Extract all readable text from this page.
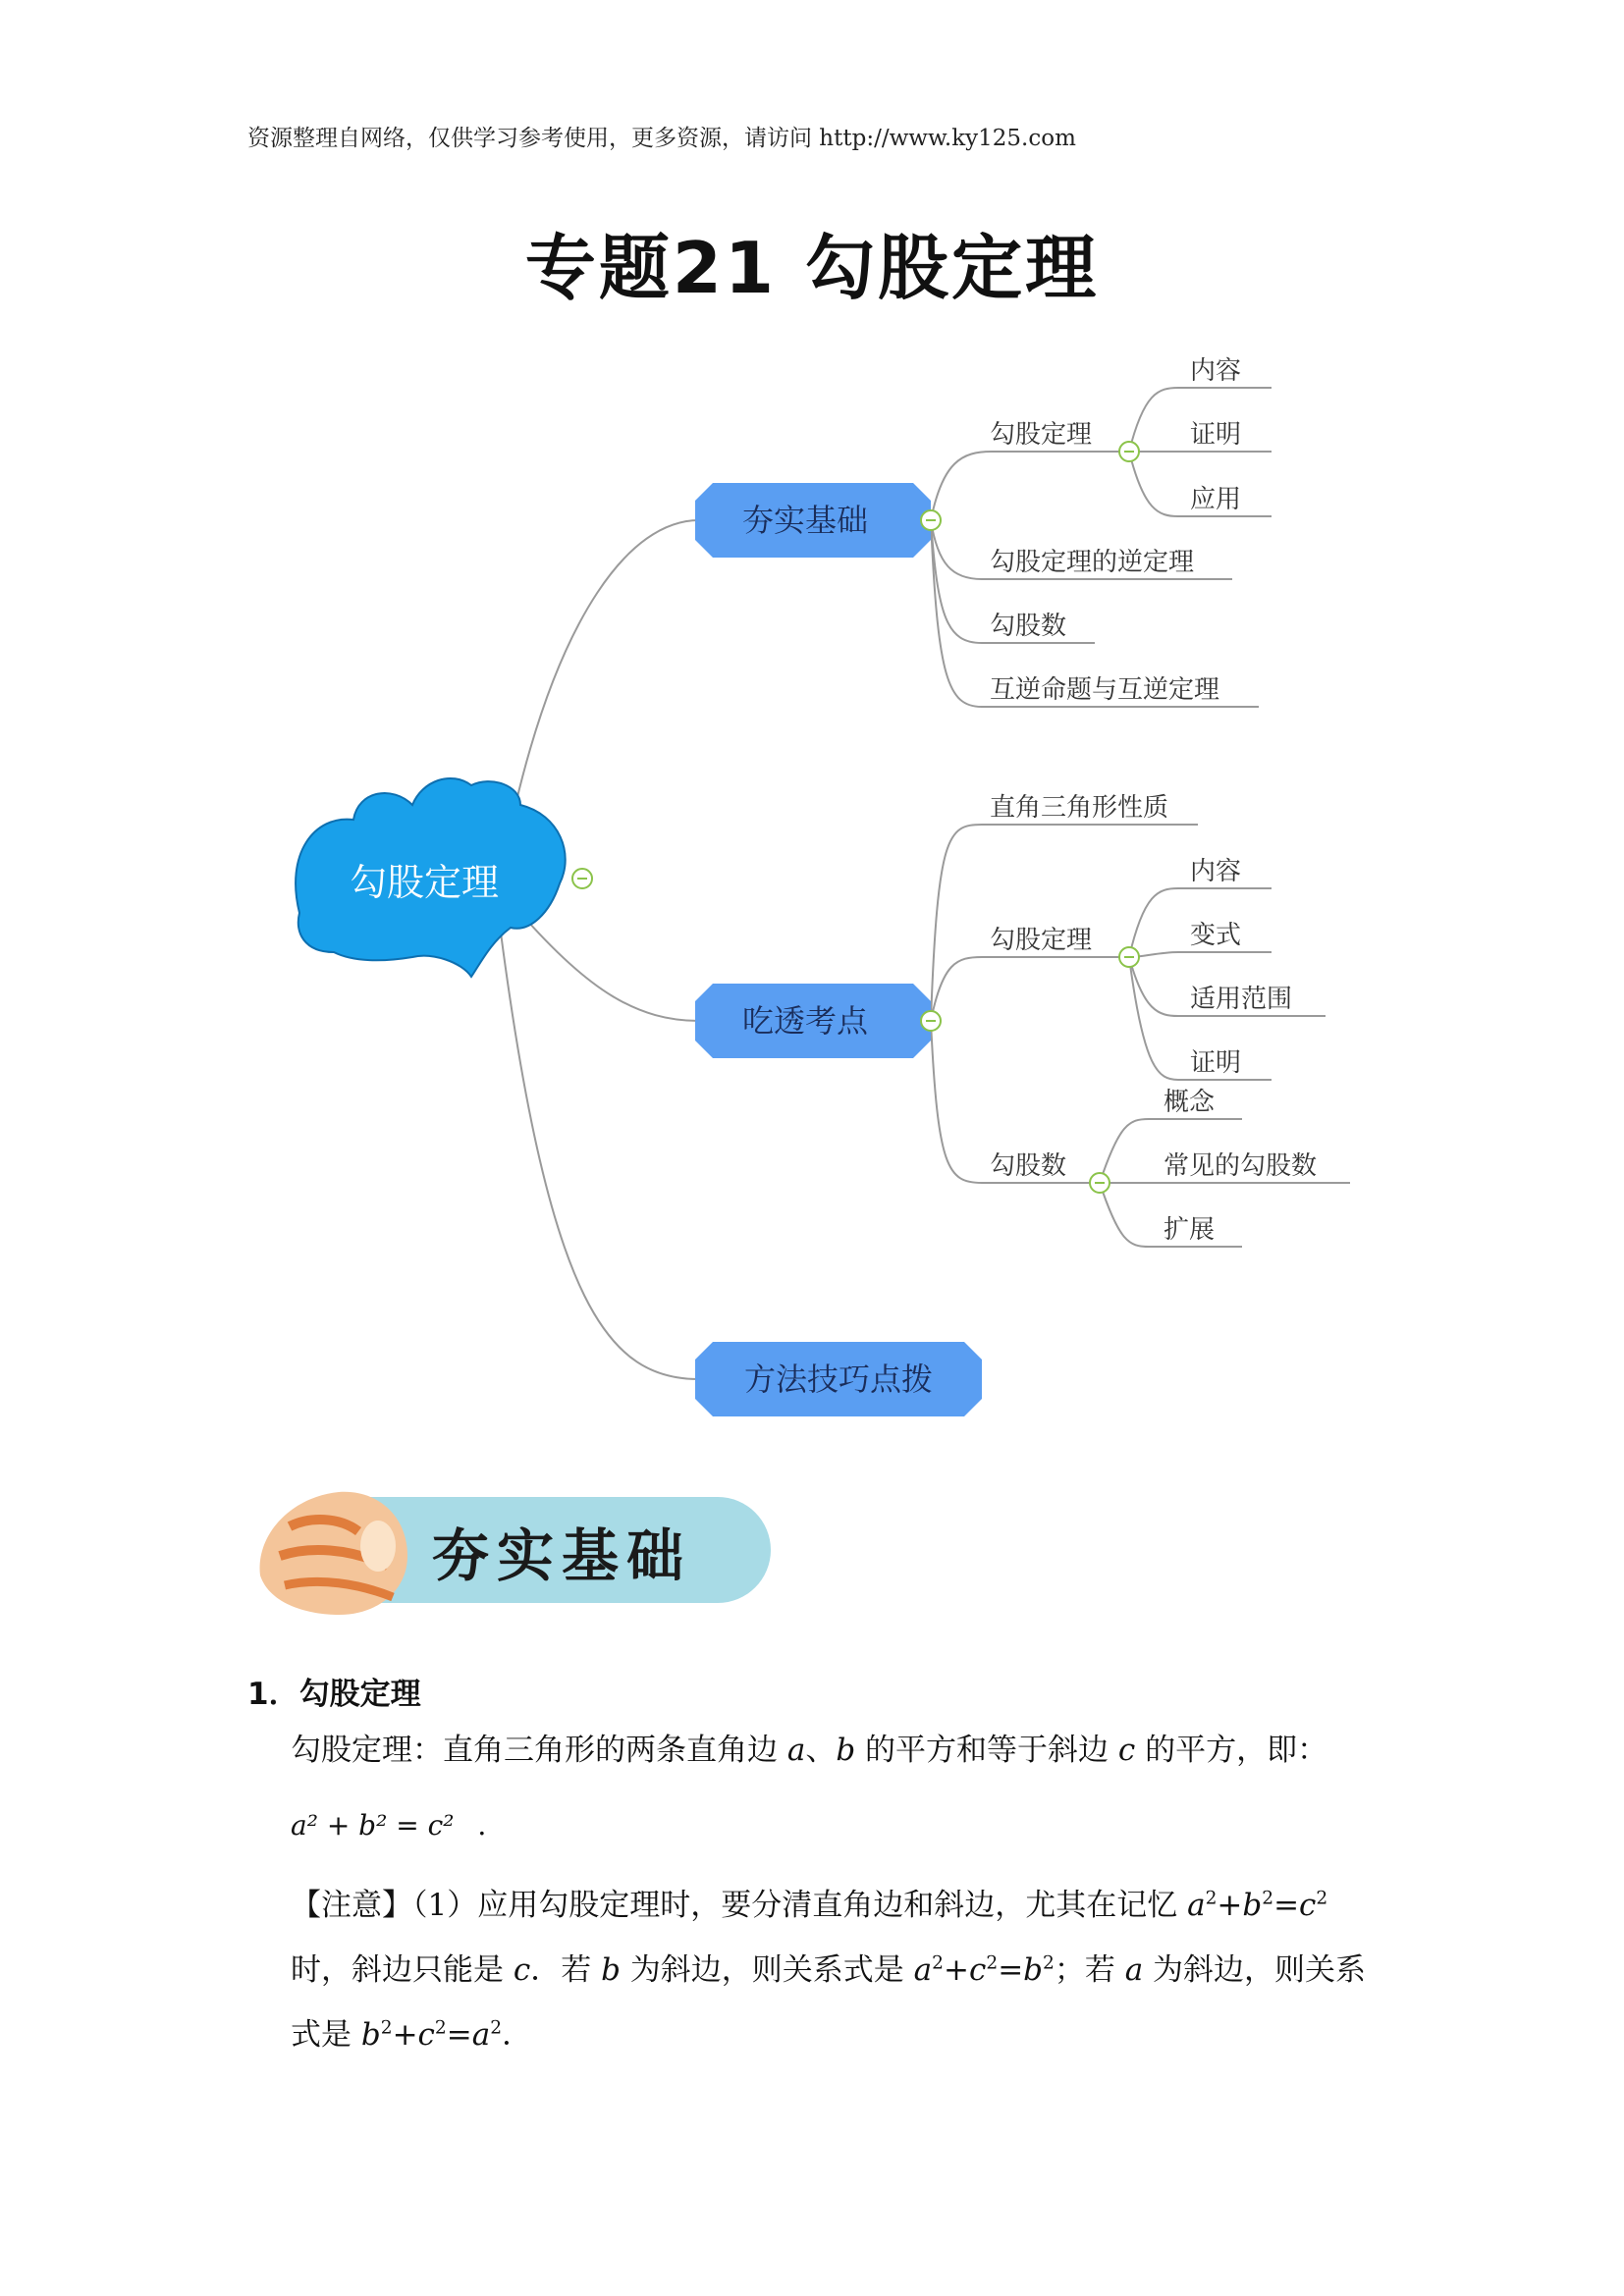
资源整理自网络，仅供学习参考使用，更多资源，请访问 http://www.ky125.com
专题21 勾股定理
勾股定理
夯实基础
吃透考点
方法技巧点拨
勾股定理
内容
证明
应用
勾股定理的逆定理
勾股数
互逆命题与互逆定理
直角三角形性质
勾股定理
内容
变式
适用范围
证明
勾股数
概念
常见的勾股数
扩展
夯实基础
1．勾股定理
勾股定理：直角三角形的两条直角边 a、b 的平方和等于斜边 c 的平方，即：
a² + b² = c² ．
【注意】（1）应用勾股定理时，要分清直角边和斜边，尤其在记忆 $a^2+b^2=c^2$
时，斜边只能是 c．若 b 为斜边，则关系式是 $a^2+c^2=b^2$；若 a 为斜边，则关系
式是 $b^2+c^2=a^2$．
